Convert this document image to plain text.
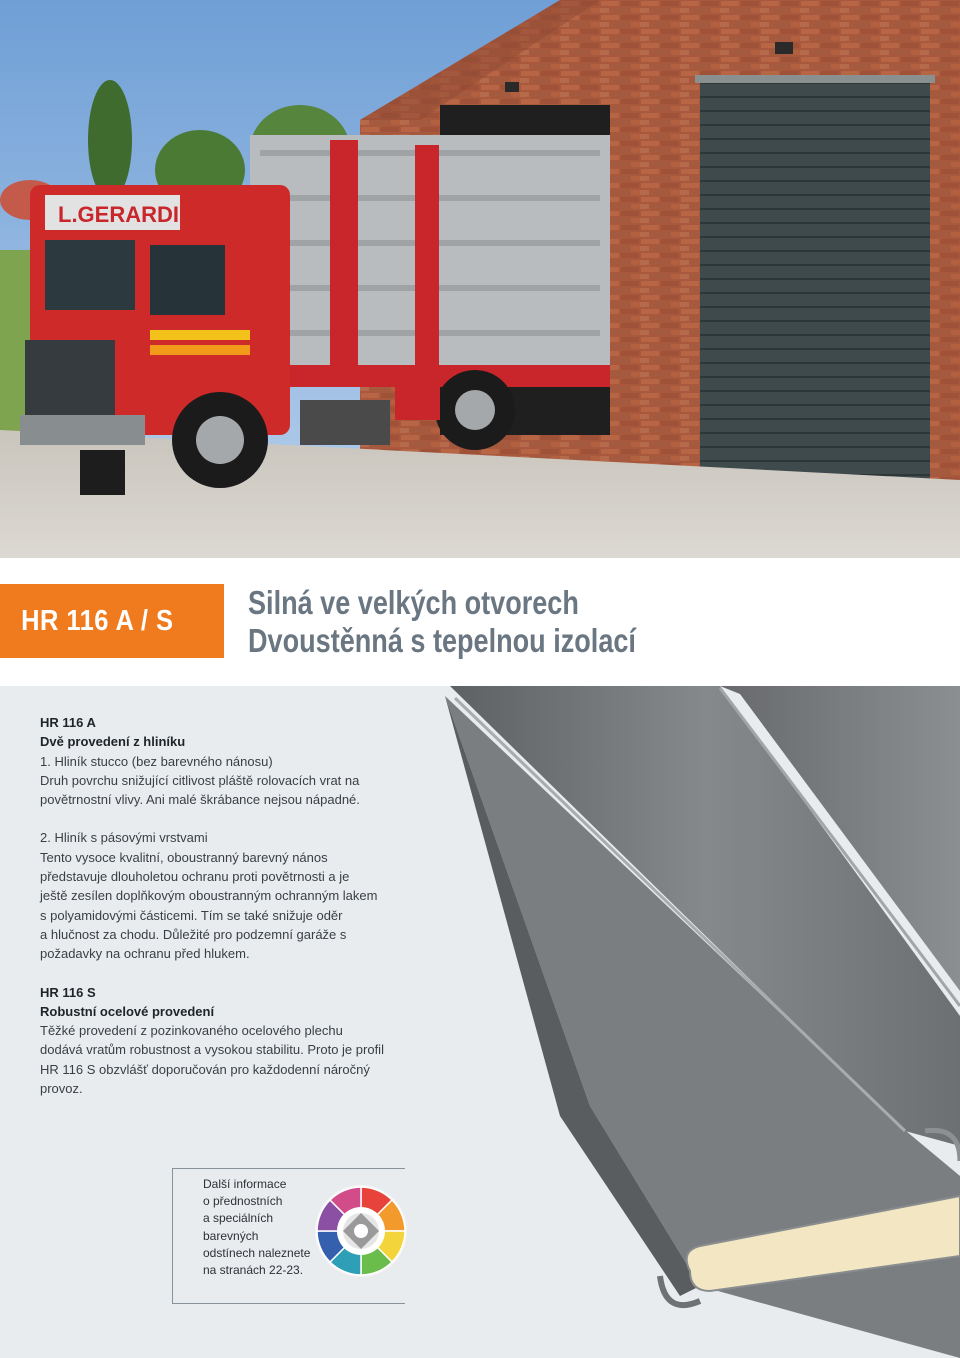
L.GERARDI
HR 116 A / S Silná ve velkých otvorech
Dvoustěnná s tepelnou izolací

HR 116 A

Dvě provedení z hliníku

1. Hliník stucco (bez barevného nánosu)

Druh povrchu snižující citlivost pláště rolovacích vrat na

povětrnostní vlivy. Ani malé škrábance nejsou nápadné.

2. Hliník s pásovými vrstvami

Tento vysoce kvalitní, oboustranný barevný nános

představuje dlouholetou ochranu proti povětrnosti a je

ještě zesílen doplňkovým oboustranným ochranným lakem

s polyamidovými částicemi. Tím se také snižuje oděr

a hlučnost za chodu. Důležité pro podzemní garáže s

požadavky na ochranu před hlukem.

HR 116 S

Robustní ocelové provedení

Těžké provedení z pozinkovaného ocelového plechu

dodává vratům robustnost a vysokou stabilitu. Proto je profil

HR 116 S obzvlášť doporučován pro každodenní náročný

provoz.

Další informace
o přednostních
a speciálních
barevných
odstínech naleznete
na stranách 22-23.
